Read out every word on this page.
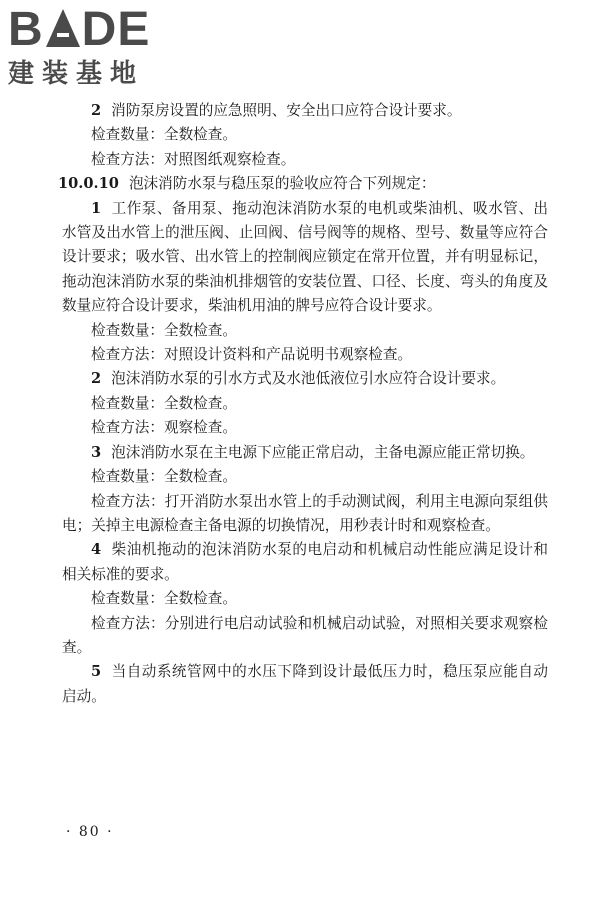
B DE
建装基地

2 消防泵房设置的应急照明、安全出口应符合设计要求。

检查数量：全数检查。

检查方法：对照图纸观察检查。

10.0.10 泡沫消防水泵与稳压泵的验收应符合下列规定：

1 工作泵、备用泵、拖动泡沫消防水泵的电机或柴油机、吸水管、出水管及出水管上的泄压阀、止回阀、信号阀等的规格、型号、数量等应符合设计要求；吸水管、出水管上的控制阀应锁定在常开位置，并有明显标记，拖动泡沫消防水泵的柴油机排烟管的安装位置、口径、长度、弯头的角度及数量应符合设计要求，柴油机用油的牌号应符合设计要求。

检查数量：全数检查。

检查方法：对照设计资料和产品说明书观察检查。

2 泡沫消防水泵的引水方式及水池低液位引水应符合设计要求。

检查数量：全数检查。

检查方法：观察检查。

3 泡沫消防水泵在主电源下应能正常启动，主备电源应能正常切换。

检查数量：全数检查。

检查方法：打开消防水泵出水管上的手动测试阀，利用主电源向泵组供电；关掉主电源检查主备电源的切换情况，用秒表计时和观察检查。

4 柴油机拖动的泡沫消防水泵的电启动和机械启动性能应满足设计和相关标准的要求。

检查数量：全数检查。

检查方法：分别进行电启动试验和机械启动试验，对照相关要求观察检查。

5 当自动系统管网中的水压下降到设计最低压力时，稳压泵应能自动启动。

· 80 ·
